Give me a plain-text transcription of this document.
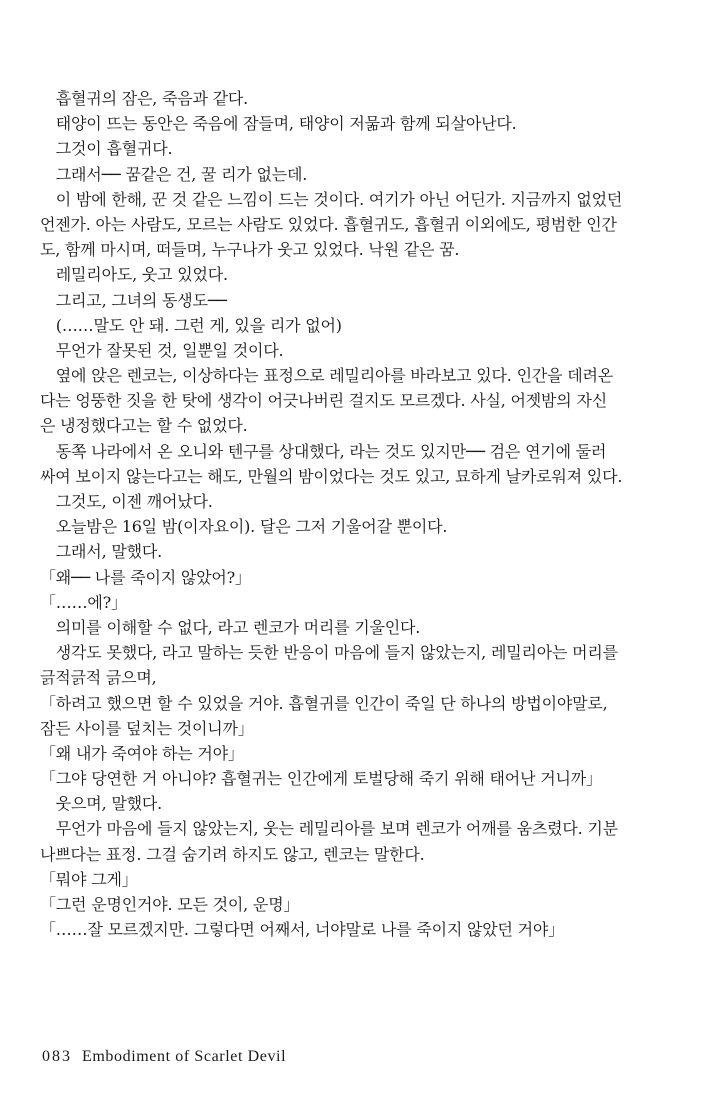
　흡혈귀의 잠은, 죽음과 같다.
　태양이 뜨는 동안은 죽음에 잠들며, 태양이 저묾과 함께 되살아난다.
　그것이 흡혈귀다.
　그래서── 꿈같은 건, 꿀 리가 없는데.
　이 밤에 한해, 꾼 것 같은 느낌이 드는 것이다. 여기가 아닌 어딘가. 지금까지 없었던
언젠가. 아는 사람도, 모르는 사람도 있었다. 흡혈귀도, 흡혈귀 이외에도, 평범한 인간
도, 함께 마시며, 떠들며, 누구나가 웃고 있었다. 낙원 같은 꿈.
　레밀리아도, 웃고 있었다.
　그리고, 그녀의 동생도──
　(……말도 안 돼. 그런 게, 있을 리가 없어)
　무언가 잘못된 것, 일뿐일 것이다.
　옆에 앉은 렌코는, 이상하다는 표정으로 레밀리아를 바라보고 있다. 인간을 데려온
다는 엉뚱한 짓을 한 탓에 생각이 어긋나버린 걸지도 모르겠다. 사실, 어젯밤의 자신
은 냉정했다고는 할 수 없었다.
　동쪽 나라에서 온 오니와 텐구를 상대했다, 라는 것도 있지만── 검은 연기에 둘러
싸여 보이지 않는다고는 해도, 만월의 밤이었다는 것도 있고, 묘하게 날카로워져 있다.
　그것도, 이젠 깨어났다.
　오늘밤은 16일 밤(이자요이). 달은 그저 기울어갈 뿐이다.
　그래서, 말했다.
「왜── 나를 죽이지 않았어?」
「……에?」
　의미를 이해할 수 없다, 라고 렌코가 머리를 기울인다.
　생각도 못했다, 라고 말하는 듯한 반응이 마음에 들지 않았는지, 레밀리아는 머리를
긁적긁적 긁으며,
「하려고 했으면 할 수 있었을 거야. 흡혈귀를 인간이 죽일 단 하나의 방법이야말로,
잠든 사이를 덮치는 것이니까」
「왜 내가 죽여야 하는 거야」
「그야 당연한 거 아니야? 흡혈귀는 인간에게 토벌당해 죽기 위해 태어난 거니까」
　웃으며, 말했다.
　무언가 마음에 들지 않았는지, 웃는 레밀리아를 보며 렌코가 어깨를 움츠렸다. 기분
나쁘다는 표정. 그걸 숨기려 하지도 않고, 렌코는 말한다.
「뭐야 그게」
「그런 운명인거야. 모든 것이, 운명」
「……잘 모르겠지만. 그렇다면 어째서, 너야말로 나를 죽이지 않았던 거야」
083 Embodiment of Scarlet Devil
